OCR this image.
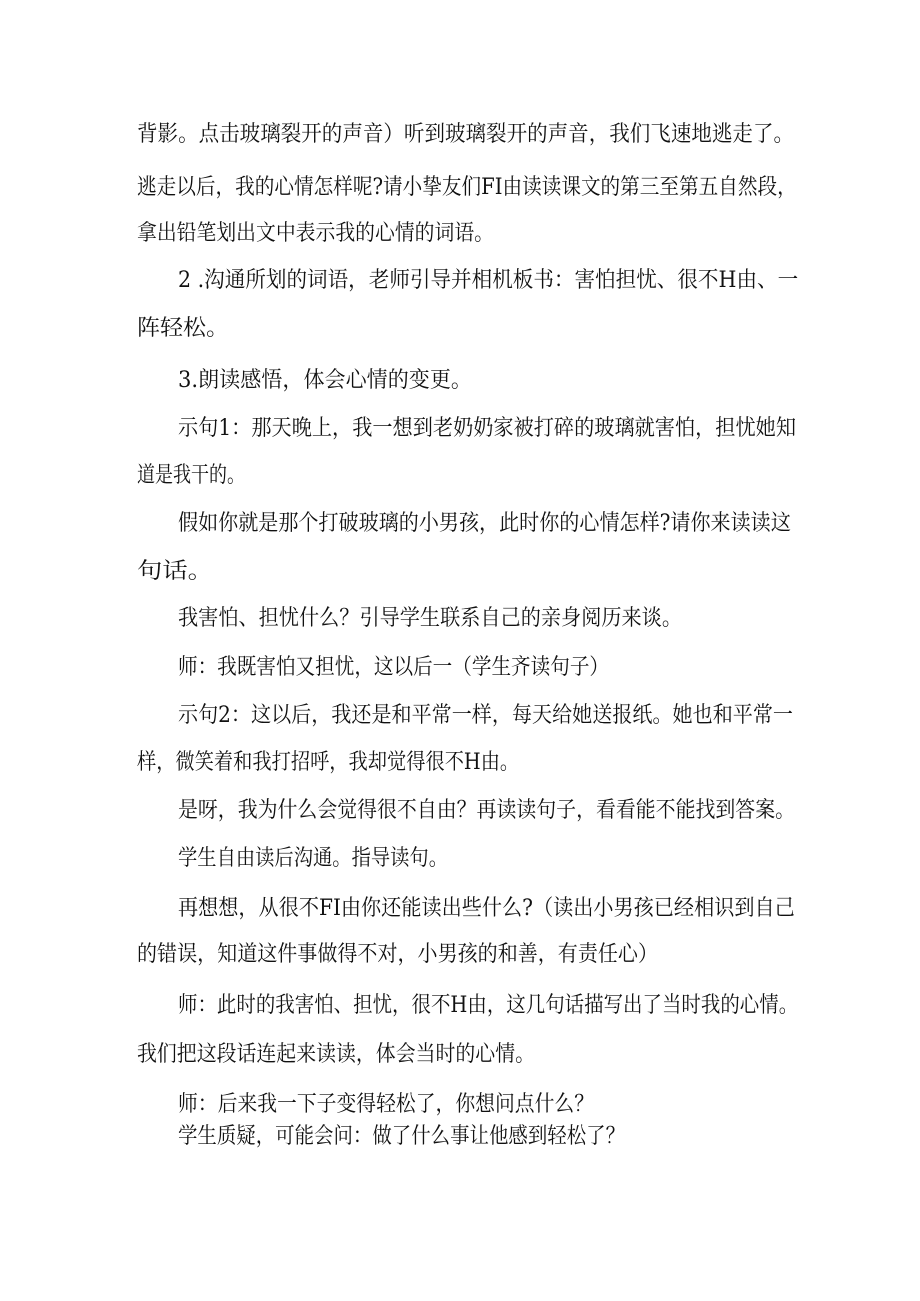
背影。点击玻璃裂开的声音）听到玻璃裂开的声音，我们飞速地逃走了。
逃走以后，我的心情怎样呢?请小挚友们FI由读读课文的第三至第五自然段，
拿出铅笔划出文中表示我的心情的词语。
2 .沟通所划的词语，老师引导并相机板书：害怕担忧、很不H由、一
阵轻松。
3.朗读感悟，体会心情的变更。
示句1：那天晚上，我一想到老奶奶家被打碎的玻璃就害怕，担忧她知
道是我干的。
假如你就是那个打破玻璃的小男孩，此时你的心情怎样?请你来读读这
句话。
我害怕、担忧什么？引导学生联系自己的亲身阅历来谈。
师：我既害怕又担忧，这以后一（学生齐读句子）
示句2：这以后，我还是和平常一样，每天给她送报纸。她也和平常一
样，微笑着和我打招呼，我却觉得很不H由。
是呀，我为什么会觉得很不自由？再读读句子，看看能不能找到答案。
学生自由读后沟通。指导读句。
再想想，从很不FI由你还能读出些什么?（读出小男孩已经相识到自己
的错误，知道这件事做得不对，小男孩的和善，有责任心）
师：此时的我害怕、担忧，很不H由，这几句话描写出了当时我的心情。
我们把这段话连起来读读，体会当时的心情。
师：后来我一下子变得轻松了，你想问点什么？
学生质疑，可能会问：做了什么事让他感到轻松了？
